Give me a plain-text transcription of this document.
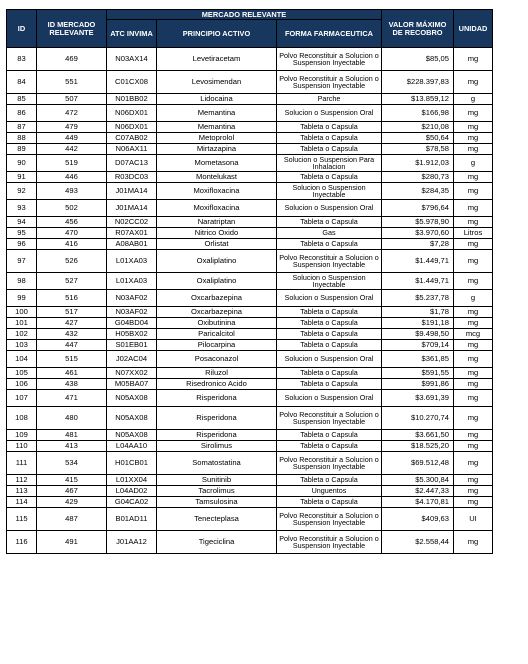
ID	ID MERCADO RELEVANTE	MERCADO RELEVANTE			VALOR MÁXIMO DE RECOBRO	UNIDAD
		ATC INVIMA	PRINCIPIO ACTIVO	FORMA FARMACEUTICA		
83	469	N03AX14	Levetiracetam	Polvo Reconstituir a Solucion o Suspension Inyectable	$85,05	mg
84	551	C01CX08	Levosimendan	Polvo Reconstituir a Solucion o Suspension Inyectable	$228.397,83	mg
85	507	N01BB02	Lidocaina	Parche	$13.859,12	g
86	472	N06DX01	Memantina	Solucion o Suspension Oral	$166,98	mg
87	479	N06DX01	Memantina	Tableta o Capsula	$210,08	mg
88	449	C07AB02	Metoprolol	Tableta o Capsula	$50,64	mg
89	442	N06AX11	Mirtazapina	Tableta o Capsula	$78,58	mg
90	519	D07AC13	Mometasona	Solucion o Suspension Para Inhalacion	$1.912,03	g
91	446	R03DC03	Montelukast	Tableta o Capsula	$280,73	mg
92	493	J01MA14	Moxifloxacina	Solucion o Suspension Inyectable	$284,35	mg
93	502	J01MA14	Moxifloxacina	Solucion o Suspension Oral	$796,64	mg
94	456	N02CC02	Naratriptan	Tableta o Capsula	$5.978,90	mg
95	470	R07AX01	Nitrico Oxido	Gas	$3.970,60	Litros
96	416	A08AB01	Orlistat	Tableta o Capsula	$7,28	mg
97	526	L01XA03	Oxaliplatino	Polvo Reconstituir a Solucion o Suspension Inyectable	$1.449,71	mg
98	527	L01XA03	Oxaliplatino	Solucion o Suspension Inyectable	$1.449,71	mg
99	516	N03AF02	Oxcarbazepina	Solucion o Suspension Oral	$5.237,78	g
100	517	N03AF02	Oxcarbazepina	Tableta o Capsula	$1,78	mg
101	427	G04BD04	Oxibutinina	Tableta o Capsula	$191,18	mg
102	432	H05BX02	Paricalcitol	Tableta o Capsula	$9.498,50	mcg
103	447	S01EB01	Pilocarpina	Tableta o Capsula	$709,14	mg
104	515	J02AC04	Posaconazol	Solucion o Suspension Oral	$361,85	mg
105	461	N07XX02	Riluzol	Tableta o Capsula	$591,55	mg
106	438	M05BA07	Risedronico Acido	Tableta o Capsula	$991,86	mg
107	471	N05AX08	Risperidona	Solucion o Suspension Oral	$3.691,39	mg
108	480	N05AX08	Risperidona	Polvo Reconstituir a Solucion o Suspension Inyectable	$10.270,74	mg
109	481	N05AX08	Risperidona	Tableta o Capsula	$3.661,50	mg
110	413	L04AA10	Sirolimus	Tableta o Capsula	$18.525,20	mg
111	534	H01CB01	Somatostatina	Polvo Reconstituir a Solucion o Suspension Inyectable	$69.512,48	mg
112	415	L01XX04	Sunitinib	Tableta o Capsula	$5.300,84	mg
113	467	L04AD02	Tacrolimus	Unguentos	$2.447,33	mg
114	429	G04CA02	Tamsulosina	Tableta o Capsula	$4.170,81	mg
115	487	B01AD11	Tenecteplasa	Polvo Reconstituir a Solucion o Suspension Inyectable	$409,63	UI
116	491	J01AA12	Tigeciclina	Polvo Reconstituir a Solucion o Suspension Inyectable	$2.558,44	mg
